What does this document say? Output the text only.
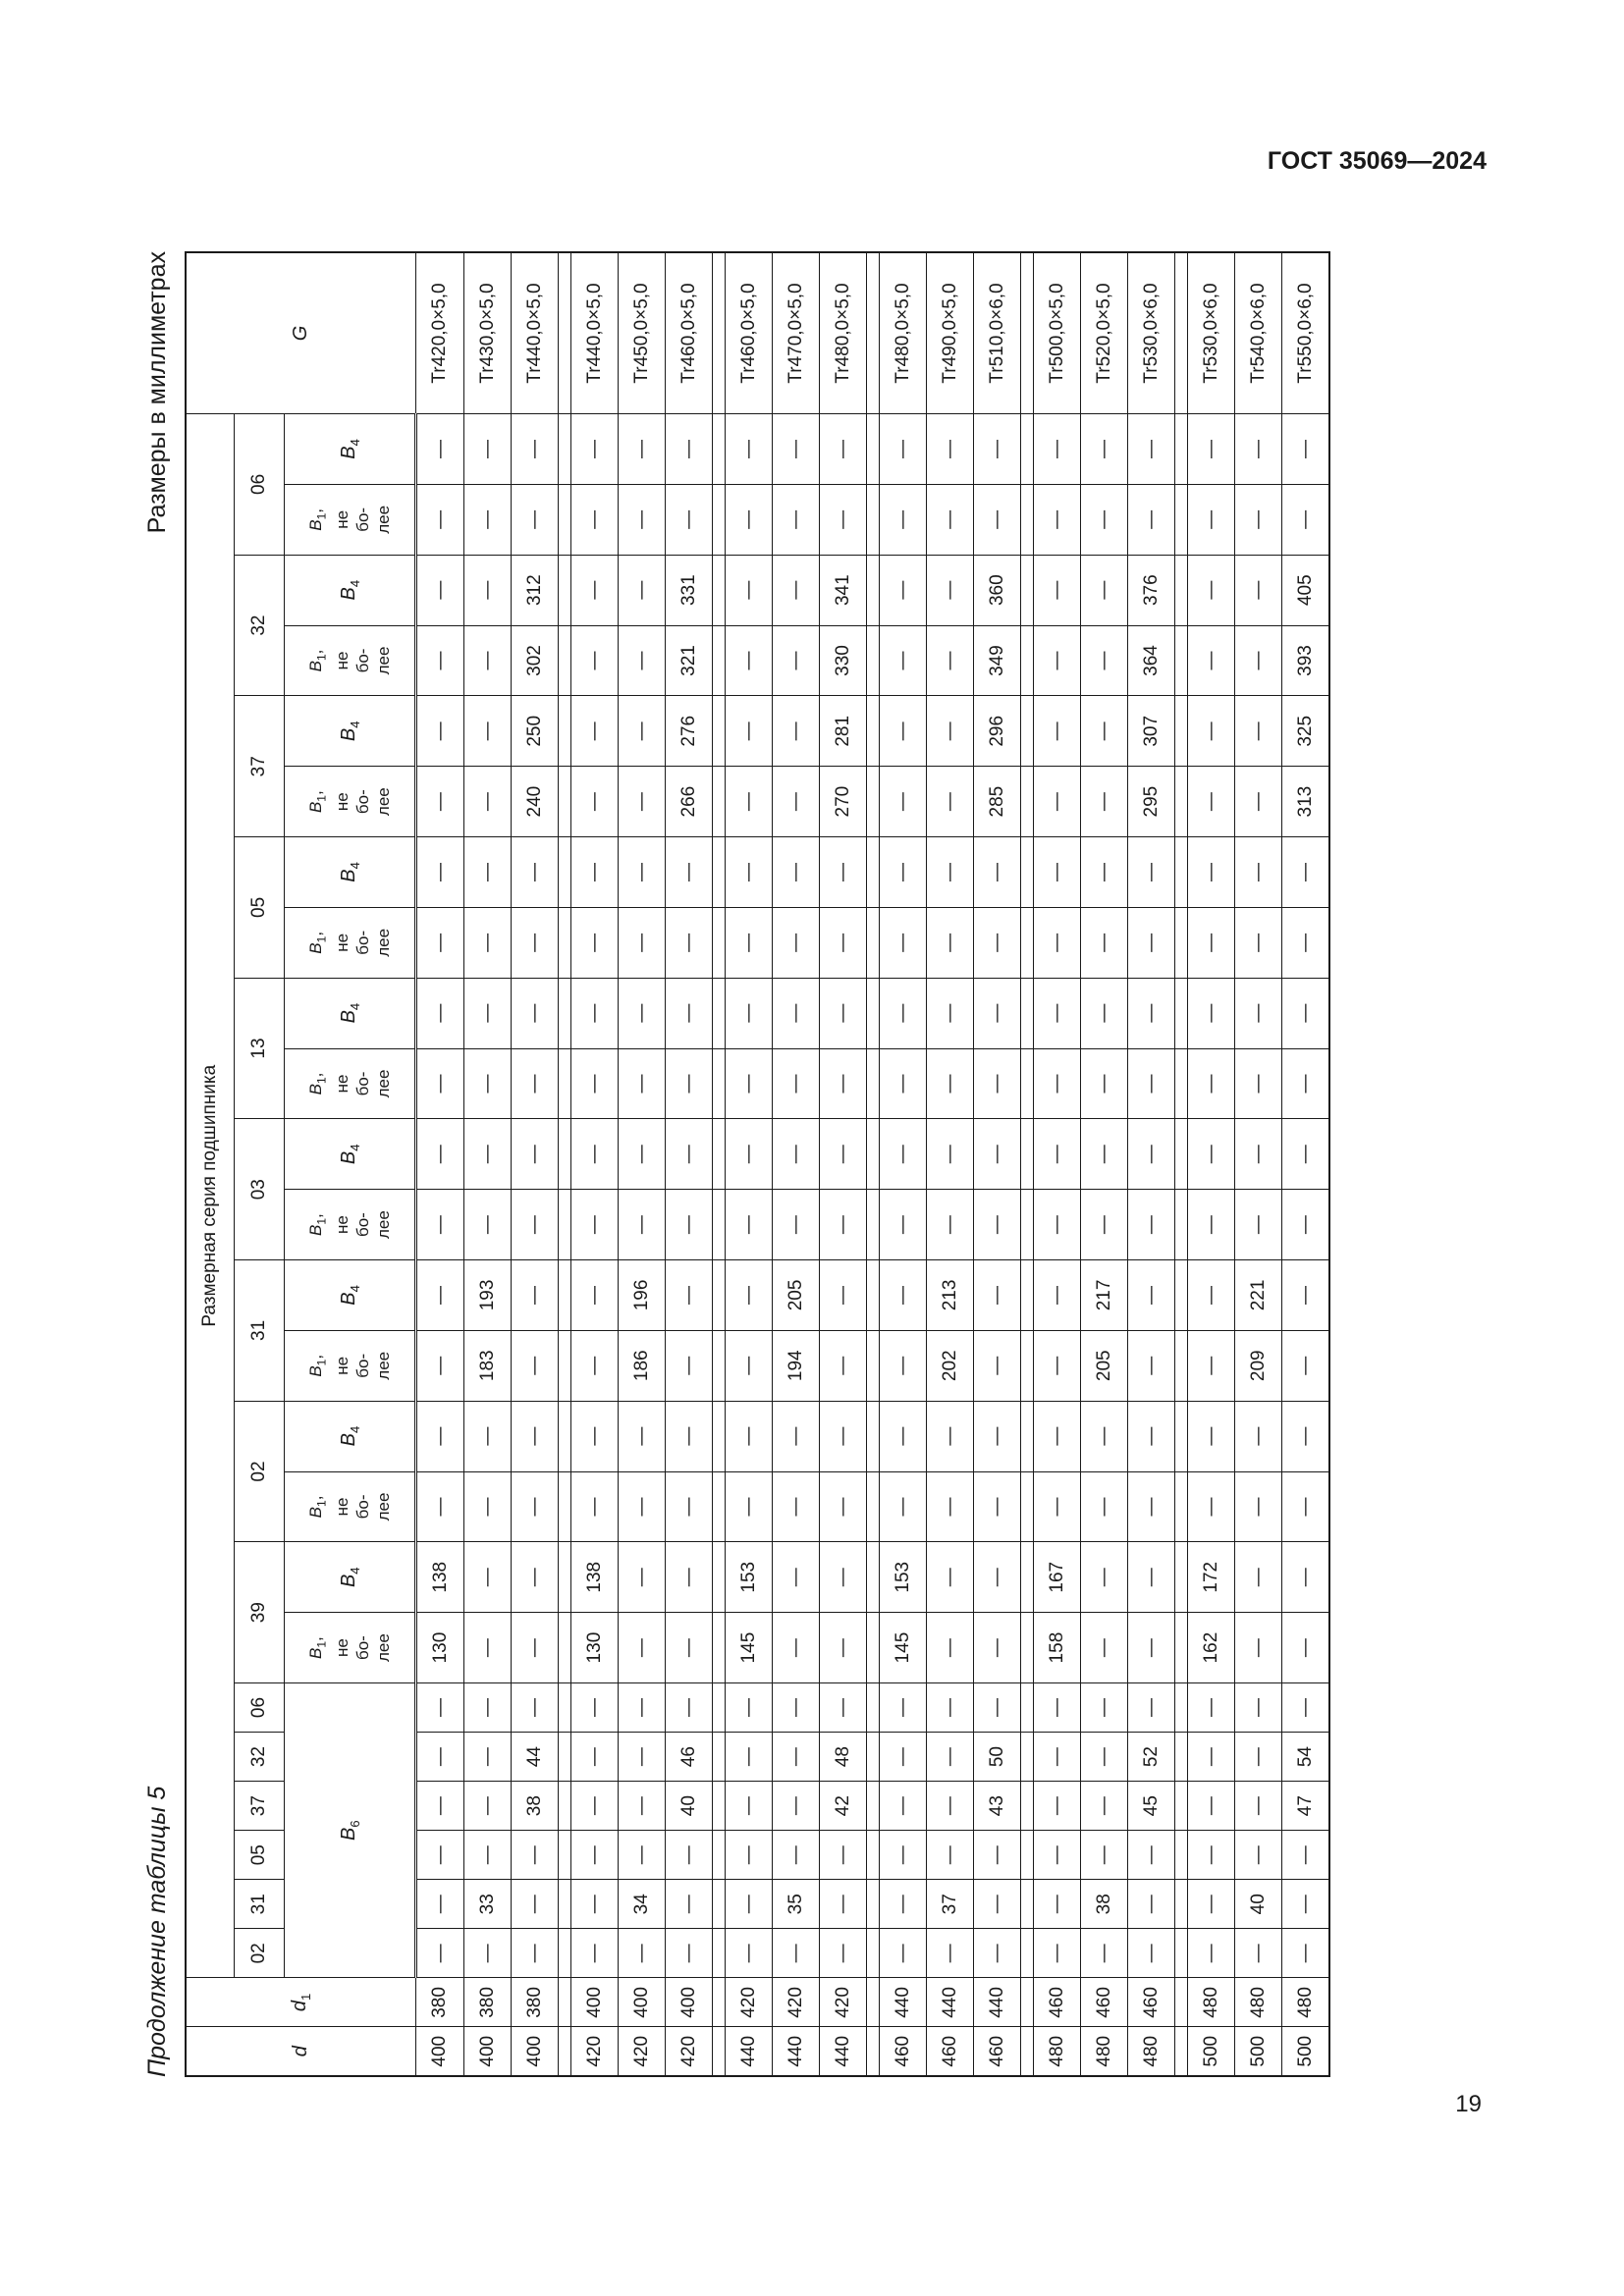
ГОСТ 35069—2024
19
Продолжение таблицы 5
Размеры в миллиметрах
d	$d_1$	Размерная серия подшипника																								G
		02	31	05	37	32	06	39		02		31		03		13		05		37		32		06		
		$B_6$						$B_1$, не бо- лее	$B_4$	$B_1$, не бо- лее	$B_4$	$B_1$, не бо- лее	$B_4$	$B_1$, не бо- лее	$B_4$	$B_1$, не бо- лее	$B_4$	$B_1$, не бо- лее	$B_4$	$B_1$, не бо- лее	$B_4$	$B_1$, не бо- лее	$B_4$	$B_1$, не бо- лее	$B_4$
400	380	—	—	—	—	—	—	130	138	—	—	—	—	—	—	—	—	—	—	—	—	—	—	—	—	Tr420,0×5,0
400	380	—	33	—	—	—	—	—	—	—	—	183	193	—	—	—	—	—	—	—	—	—	—	—	—	Tr430,0×5,0
400	380	—	—	—	38	44	—	—	—	—	—	—	—	—	—	—	—	—	—	240	250	302	312	—	—	Tr440,0×5,0

420	400	—	—	—	—	—	—	130	138	—	—	—	—	—	—	—	—	—	—	—	—	—	—	—	—	Tr440,0×5,0
420	400	—	34	—	—	—	—	—	—	—	—	186	196	—	—	—	—	—	—	—	—	—	—	—	—	Tr450,0×5,0
420	400	—	—	—	40	46	—	—	—	—	—	—	—	—	—	—	—	—	—	266	276	321	331	—	—	Tr460,0×5,0

440	420	—	—	—	—	—	—	145	153	—	—	—	—	—	—	—	—	—	—	—	—	—	—	—	—	Tr460,0×5,0
440	420	—	35	—	—	—	—	—	—	—	—	194	205	—	—	—	—	—	—	—	—	—	—	—	—	Tr470,0×5,0
440	420	—	—	—	42	48	—	—	—	—	—	—	—	—	—	—	—	—	—	270	281	330	341	—	—	Tr480,0×5,0

460	440	—	—	—	—	—	—	145	153	—	—	—	—	—	—	—	—	—	—	—	—	—	—	—	—	Tr480,0×5,0
460	440	—	37	—	—	—	—	—	—	—	—	202	213	—	—	—	—	—	—	—	—	—	—	—	—	Tr490,0×5,0
460	440	—	—	—	43	50	—	—	—	—	—	—	—	—	—	—	—	—	—	285	296	349	360	—	—	Tr510,0×6,0

480	460	—	—	—	—	—	—	158	167	—	—	—	—	—	—	—	—	—	—	—	—	—	—	—	—	Tr500,0×5,0
480	460	—	38	—	—	—	—	—	—	—	—	205	217	—	—	—	—	—	—	—	—	—	—	—	—	Tr520,0×5,0
480	460	—	—	—	45	52	—	—	—	—	—	—	—	—	—	—	—	—	—	295	307	364	376	—	—	Tr530,0×6,0

500	480	—	—	—	—	—	—	162	172	—	—	—	—	—	—	—	—	—	—	—	—	—	—	—	—	Tr530,0×6,0
500	480	—	40	—	—	—	—	—	—	—	—	209	221	—	—	—	—	—	—	—	—	—	—	—	—	Tr540,0×6,0
500	480	—	—	—	47	54	—	—	—	—	—	—	—	—	—	—	—	—	—	313	325	393	405	—	—	Tr550,0×6,0
